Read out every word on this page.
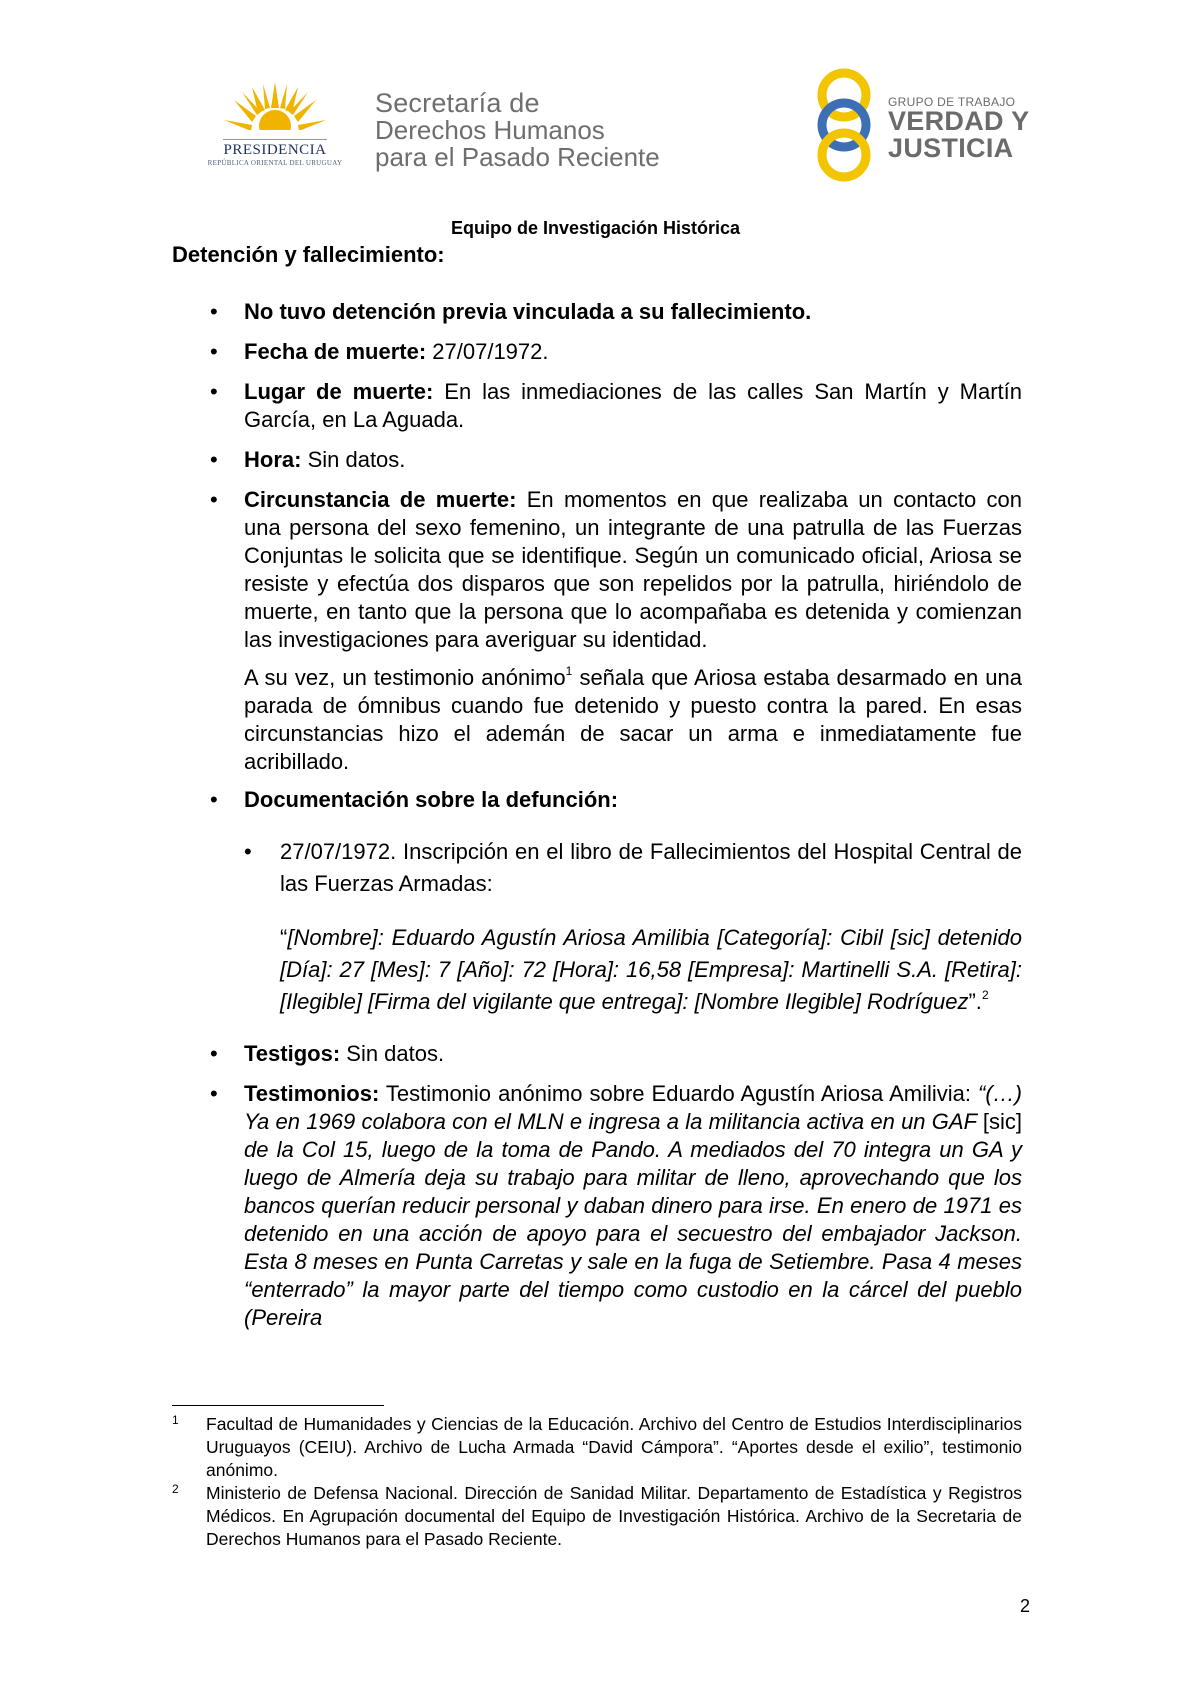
PRESIDENCIA
REPÚBLICA ORIENTAL DEL URUGUAY
Secretaría de
Derechos Humanos
para el Pasado Reciente
GRUPO DE TRABAJO
VERDAD Y
JUSTICIA
Equipo de Investigación Histórica
Detención y fallecimiento:

• No tuvo detención previa vinculada a su fallecimiento.

• Fecha de muerte: 27/07/1972.

• Lugar de muerte: En las inmediaciones de las calles San Martín y Martín García, en La Aguada.

• Hora: Sin datos.

• Circunstancia de muerte: En momentos en que realizaba un contacto con una persona del sexo femenino, un integrante de una patrulla de las Fuerzas Conjuntas le solicita que se identifique. Según un comunicado oficial, Ariosa se resiste y efectúa dos disparos que son repelidos por la patrulla, hiriéndolo de muerte, en tanto que la persona que lo acompañaba es detenida y comienzan las investigaciones para averiguar su identidad.

A su vez, un testimonio anónimo$^1$ señala que Ariosa estaba desarmado en una parada de ómnibus cuando fue detenido y puesto contra la pared. En esas circunstancias hizo el ademán de sacar un arma e inmediatamente fue acribillado.

• Documentación sobre la defunción:

• 27/07/1972. Inscripción en el libro de Fallecimientos del Hospital Central de las Fuerzas Armadas:

“[Nombre]: Eduardo Agustín Ariosa Amilibia [Categoría]: Cibil [sic] detenido [Día]: 27 [Mes]: 7 [Año]: 72 [Hora]: 16,58 [Empresa]: Martinelli S.A. [Retira]: [Ilegible] [Firma del vigilante que entrega]: [Nombre Ilegible] Rodríguez”.$^2$

• Testigos: Sin datos.

• Testimonios: Testimonio anónimo sobre Eduardo Agustín Ariosa Amilivia: “(…) Ya en 1969 colabora con el MLN e ingresa a la militancia activa en un GAF [sic] de la Col 15, luego de la toma de Pando. A mediados del 70 integra un GA y luego de Almería deja su trabajo para militar de lleno, aprovechando que los bancos querían reducir personal y daban dinero para irse. En enero de 1971 es detenido en una acción de apoyo para el secuestro del embajador Jackson. Esta 8 meses en Punta Carretas y sale en la fuga de Setiembre. Pasa 4 meses “enterrado” la mayor parte del tiempo como custodio en la cárcel del pueblo (Pereira

1 Facultad de Humanidades y Ciencias de la Educación. Archivo del Centro de Estudios Interdisciplinarios Uruguayos (CEIU). Archivo de Lucha Armada “David Cámpora”. “Aportes desde el exilio”, testimonio anónimo.

2 Ministerio de Defensa Nacional. Dirección de Sanidad Militar. Departamento de Estadística y Registros Médicos. En Agrupación documental del Equipo de Investigación Histórica. Archivo de la Secretaria de Derechos Humanos para el Pasado Reciente.

2
